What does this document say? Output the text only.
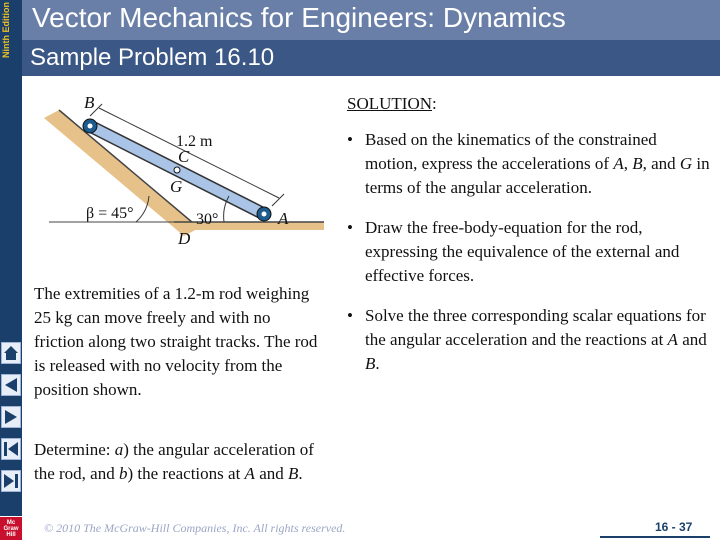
Vector Mechanics for Engineers: Dynamics
Sample Problem 16.10
Ninth Edition
Mc Graw Hill
B
1.2 m
C
G
A
D
β = 45°	30°
The extremities of a 1.2-m rod weighing 25 kg can move freely and with no friction along two straight tracks. The rod is released with no velocity from the position shown.
Determine: a) the angular acceleration of the rod, and b) the reactions at A and B.
SOLUTION:
• Based on the kinematics of the constrained motion, express the accelerations of A, B, and G in terms of the angular acceleration.
• Draw the free-body-equation for the rod, expressing the equivalence of the external and effective forces.
• Solve the three corresponding scalar equations for the angular acceleration and the reactions at A and B.
© 2010 The McGraw-Hill Companies, Inc. All rights reserved.	16 - 37
